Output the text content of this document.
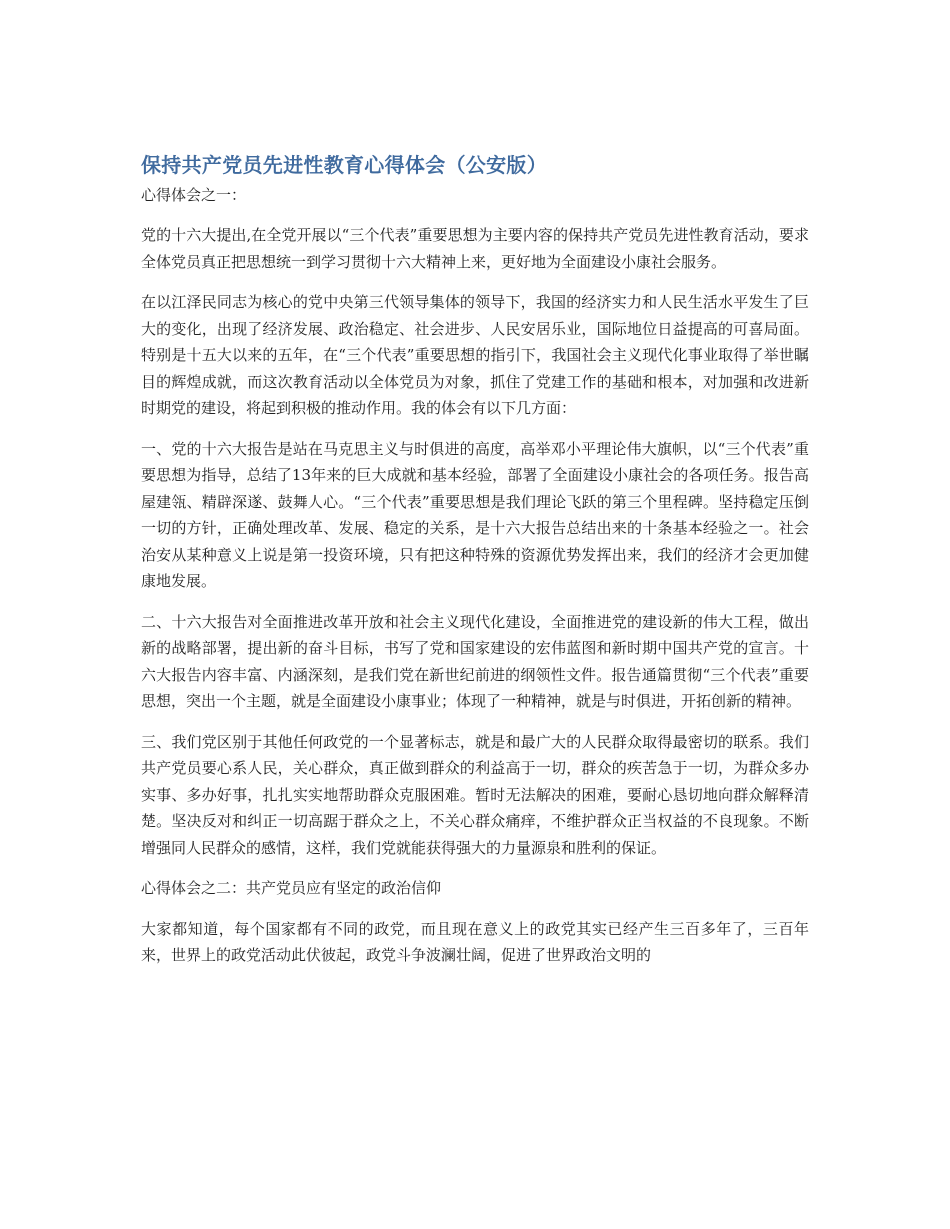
保持共产党员先进性教育心得体会（公安版）
心得体会之一：

党的十六大提出,在全党开展以“三个代表”重要思想为主要内容的保持共产党员先进性教育活动，要求全体党员真正把思想统一到学习贯彻十六大精神上来，更好地为全面建设小康社会服务。

在以江泽民同志为核心的党中央第三代领导集体的领导下，我国的经济实力和人民生活水平发生了巨大的变化，出现了经济发展、政治稳定、社会进步、人民安居乐业，国际地位日益提高的可喜局面。特别是十五大以来的五年，在“三个代表”重要思想的指引下，我国社会主义现代化事业取得了举世瞩目的辉煌成就，而这次教育活动以全体党员为对象，抓住了党建工作的基础和根本，对加强和改进新时期党的建设，将起到积极的推动作用。我的体会有以下几方面：

一、党的十六大报告是站在马克思主义与时俱进的高度，高举邓小平理论伟大旗帜，以“三个代表”重要思想为指导，总结了13年来的巨大成就和基本经验，部署了全面建设小康社会的各项任务。报告高屋建瓴、精辟深遂、鼓舞人心。“三个代表”重要思想是我们理论飞跃的第三个里程碑。坚持稳定压倒一切的方针，正确处理改革、发展、稳定的关系，是十六大报告总结出来的十条基本经验之一。社会治安从某种意义上说是第一投资环境，只有把这种特殊的资源优势发挥出来，我们的经济才会更加健康地发展。

二、十六大报告对全面推进改革开放和社会主义现代化建设，全面推进党的建设新的伟大工程，做出新的战略部署，提出新的奋斗目标，书写了党和国家建设的宏伟蓝图和新时期中国共产党的宣言。十六大报告内容丰富、内涵深刻，是我们党在新世纪前进的纲领性文件。报告通篇贯彻“三个代表”重要思想，突出一个主题，就是全面建设小康事业；体现了一种精神，就是与时俱进，开拓创新的精神。

三、我们党区别于其他任何政党的一个显著标志，就是和最广大的人民群众取得最密切的联系。我们共产党员要心系人民，关心群众，真正做到群众的利益高于一切，群众的疾苦急于一切，为群众多办实事、多办好事，扎扎实实地帮助群众克服困难。暂时无法解决的困难，要耐心恳切地向群众解释清楚。坚决反对和纠正一切高踞于群众之上，不关心群众痛痒，不维护群众正当权益的不良现象。不断增强同人民群众的感情，这样，我们党就能获得强大的力量源泉和胜利的保证。

心得体会之二：共产党员应有坚定的政治信仰

大家都知道，每个国家都有不同的政党，而且现在意义上的政党其实已经产生三百多年了，三百年来，世界上的政党活动此伏彼起，政党斗争波澜壮阔，促进了世界政治文明的
